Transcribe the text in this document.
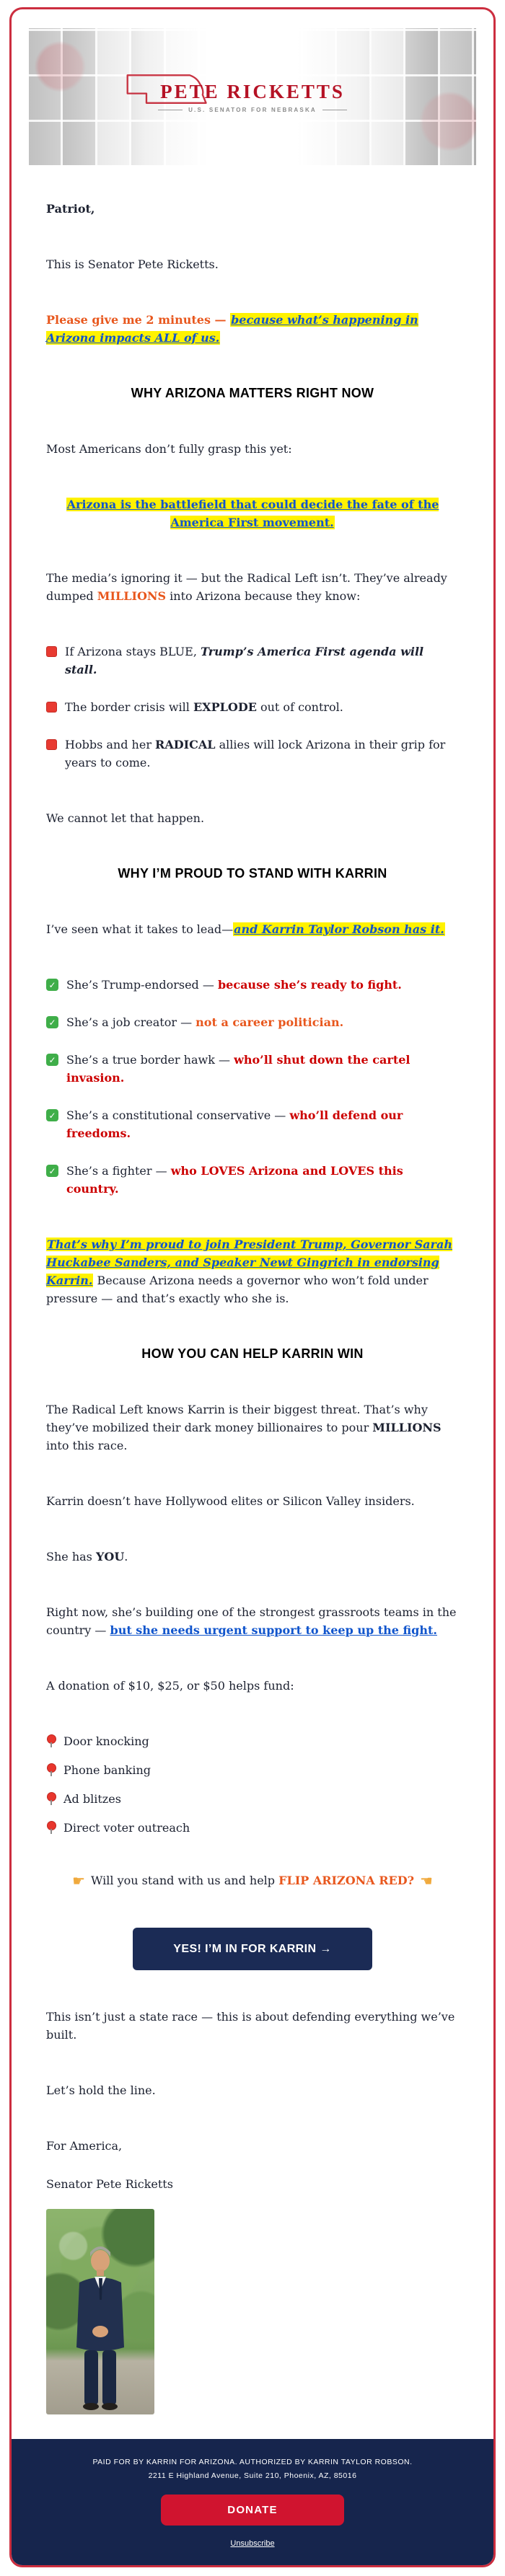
PETE RICKETTS
U.S. SENATOR FOR NEBRASKA

Patriot,

This is Senator Pete Ricketts.

Please give me 2 minutes — because what’s happening in Arizona impacts ALL of us.

WHY ARIZONA MATTERS RIGHT NOW

Most Americans don’t fully grasp this yet:

Arizona is the battlefield that could decide the fate of the America First movement.

The media’s ignoring it — but the Radical Left isn’t. They’ve already dumped MILLIONS into Arizona because they know:

If Arizona stays BLUE, Trump’s America First agenda will stall.
The border crisis will EXPLODE out of control.
Hobbs and her RADICAL allies will lock Arizona in their grip for years to come.

We cannot let that happen.

WHY I’M PROUD TO STAND WITH KARRIN

I’ve seen what it takes to lead—and Karrin Taylor Robson has it.

✓ She’s Trump-endorsed — because she’s ready to fight.
✓ She’s a job creator — not a career politician.
✓ She’s a true border hawk — who’ll shut down the cartel invasion.
✓ She’s a constitutional conservative — who’ll defend our freedoms.
✓ She’s a fighter — who LOVES Arizona and LOVES this country.

That’s why I’m proud to join President Trump, Governor Sarah Huckabee Sanders, and Speaker Newt Gingrich in endorsing Karrin. Because Arizona needs a governor who won’t fold under pressure — and that’s exactly who she is.

HOW YOU CAN HELP KARRIN WIN

The Radical Left knows Karrin is their biggest threat. That’s why they’ve mobilized their dark money billionaires to pour MILLIONS into this race.

Karrin doesn’t have Hollywood elites or Silicon Valley insiders.

She has YOU.

Right now, she’s building one of the strongest grassroots teams in the country — but she needs urgent support to keep up the fight.

A donation of $10, $25, or $50 helps fund:

Door knocking
Phone banking
Ad blitzes
Direct voter outreach

☛ Will you stand with us and help FLIP ARIZONA RED? ☚

YES! I’M IN FOR KARRIN →

This isn’t just a state race — this is about defending everything we’ve built.

Let’s hold the line.

For America,

Senator Pete Ricketts

PAID FOR BY KARRIN FOR ARIZONA. AUTHORIZED BY KARRIN TAYLOR ROBSON.

2211 E Highland Avenue, Suite 210, Phoenix, AZ, 85016

DONATE
Unsubscribe
